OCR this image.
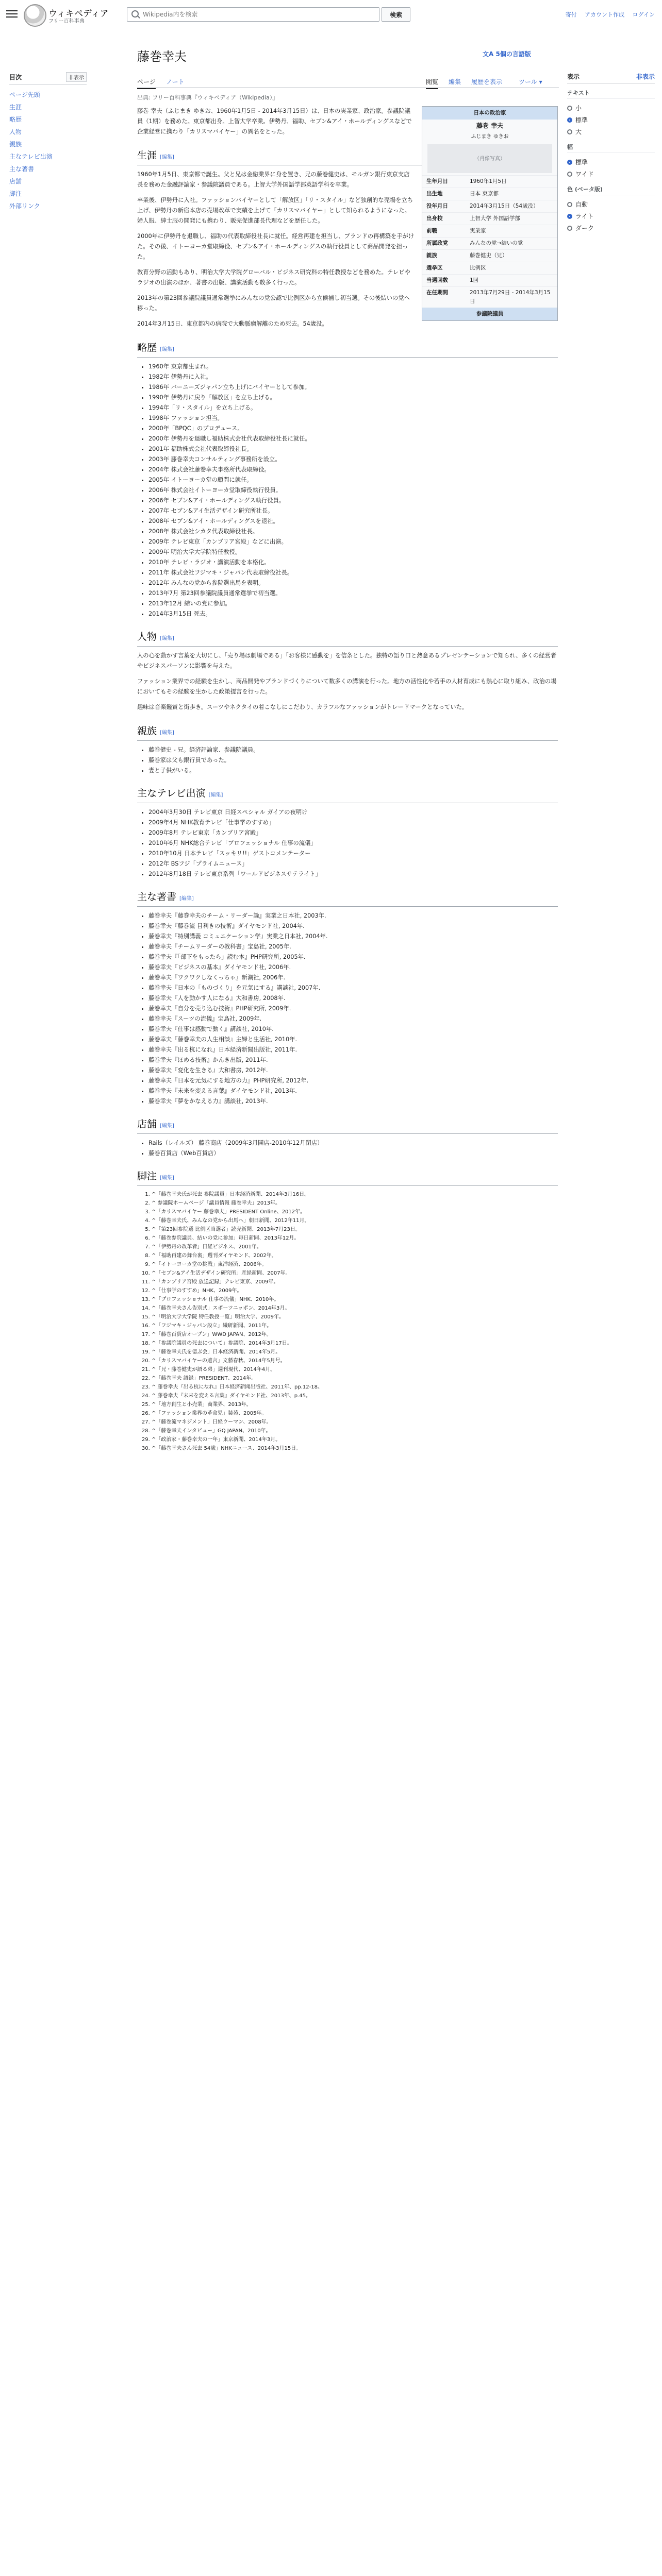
ウィキペディア
フリー百科事典
Wikipedia内を検索
検索	寄付 アカウント作成 ログイン
目次	非表示
ページ先頭
生涯
略歴
人物
親族
主なテレビ出演
主な著書
店舗
脚注
外部リンク
藤巻幸夫	文A 5個の言語版
ページ ノート	閲覧 編集 履歴を表示	ツール ▾
表示	非表示
テキスト
小
標準
大
幅
標準
ワイド
色 (ベータ版)
自動
ライト
ダーク
出典: フリー百科事典『ウィキペディア（Wikipedia）』
日本の政治家
藤巻 幸夫
ふじまき ゆきお
（肖像写真）
生年月日	1960年1月5日
出生地	日本 東京都
没年月日	2014年3月15日（54歳没）
出身校	上智大学 外国語学部
前職	実業家
所属政党	みんなの党→結いの党
親族	藤巻健史（兄）
選挙区	比例区
当選回数	1回
在任期間	2013年7月29日 - 2014年3月15日
参議院議員

藤巻 幸夫（ふじまき ゆきお、1960年1月5日 - 2014年3月15日）は、日本の実業家、政治家。参議院議員（1期）を務めた。東京都出身。上智大学卒業。伊勢丹、福助、セブン&アイ・ホールディングスなどで企業経営に携わり「カリスマバイヤー」の異名をとった。

生涯 [編集]

1960年1月5日、東京都で誕生。父と兄は金融業界に身を置き、兄の藤巻健史は、モルガン銀行東京支店長を務めた金融評論家・参議院議員である。上智大学外国語学部英語学科を卒業。

卒業後、伊勢丹に入社。ファッションバイヤーとして「解放区」「リ・スタイル」など独創的な売場を立ち上げ、伊勢丹の新宿本店の売場改革で実績を上げて「カリスマバイヤー」として知られるようになった。婦人服、紳士服の開発にも携わり、販売促進部長代理などを歴任した。

2000年に伊勢丹を退職し、福助の代表取締役社長に就任。経営再建を担当し、ブランドの再構築を手がけた。その後、イトーヨーカ堂取締役、セブン&アイ・ホールディングスの執行役員として商品開発を担った。

教育分野の活動もあり、明治大学大学院グローバル・ビジネス研究科の特任教授などを務めた。テレビやラジオの出演のほか、著書の出版、講演活動も数多く行った。

2013年の第23回参議院議員通常選挙にみんなの党公認で比例区から立候補し初当選。その後結いの党へ移った。

2014年3月15日、東京都内の病院で大動脈瘤解離のため死去。54歳没。

略歴 [編集]
• 1960年 東京都生まれ。
• 1982年 伊勢丹に入社。
• 1986年 バーニーズジャパン立ち上げにバイヤーとして参加。
• 1990年 伊勢丹に戻り「解放区」を立ち上げる。
• 1994年「リ・スタイル」を立ち上げる。
• 1998年 ファッション担当。
• 2000年「BPQC」のプロデュース。
• 2000年 伊勢丹を退職し福助株式会社代表取締役社長に就任。
• 2001年 福助株式会社代表取締役社長。
• 2003年 藤巻幸夫コンサルティング事務所を設立。
• 2004年 株式会社藤巻幸夫事務所代表取締役。
• 2005年 イトーヨーカ堂の顧問に就任。
• 2006年 株式会社イトーヨーカ堂取締役執行役員。
• 2006年 セブン&アイ・ホールディングス執行役員。
• 2007年 セブン&アイ生活デザイン研究所社長。
• 2008年 セブン&アイ・ホールディングスを退社。
• 2008年 株式会社シカタ代表取締役社長。
• 2009年 テレビ東京「カンブリア宮殿」などに出演。
• 2009年 明治大学大学院特任教授。
• 2010年 テレビ・ラジオ・講演活動を本格化。
• 2011年 株式会社フジマキ・ジャパン代表取締役社長。
• 2012年 みんなの党から参院選出馬を表明。
• 2013年7月 第23回参議院議員通常選挙で初当選。
• 2013年12月 結いの党に参加。
• 2014年3月15日 死去。
人物 [編集]

人の心を動かす言葉を大切にし、「売り場は劇場である」「お客様に感動を」を信条とした。独特の語り口と熱意あるプレゼンテーションで知られ、多くの経営者やビジネスパーソンに影響を与えた。

ファッション業界での経験を生かし、商品開発やブランドづくりについて数多くの講演を行った。地方の活性化や若手の人材育成にも熱心に取り組み、政治の場においてもその経験を生かした政策提言を行った。

趣味は音楽鑑賞と街歩き。スーツやネクタイの着こなしにこだわり、カラフルなファッションがトレードマークとなっていた。

親族 [編集]
• 藤巻健史 - 兄。経済評論家、参議院議員。
• 藤巻家は父も銀行員であった。
• 妻と子供がいる。
主なテレビ出演 [編集]
• 2004年3月30日 テレビ東京 日経スペシャル ガイアの夜明け
• 2009年4月 NHK教育テレビ「仕事学のすすめ」
• 2009年8月 テレビ東京「カンブリア宮殿」
• 2010年6月 NHK総合テレビ「プロフェッショナル 仕事の流儀」
• 2010年10月 日本テレビ「スッキリ!!」ゲストコメンテーター
• 2012年 BSフジ「プライムニュース」
• 2012年8月18日 テレビ東京系列「ワールドビジネスサテライト」
主な著書 [編集]
• 藤巻幸夫『藤巻幸夫のチーム・リーダー論』実業之日本社, 2003年.
• 藤巻幸夫『藤巻流 目利きの技術』ダイヤモンド社, 2004年.
• 藤巻幸夫『特別講義 コミュニケーション学』実業之日本社, 2004年.
• 藤巻幸夫『チームリーダーの教科書』宝島社, 2005年.
• 藤巻幸夫『「部下をもったら」読む本』PHP研究所, 2005年.
• 藤巻幸夫『ビジネスの基本』ダイヤモンド社, 2006年.
• 藤巻幸夫『ワクワクしなくっちゃ』新潮社, 2006年.
• 藤巻幸夫『日本の「ものづくり」を元気にする』講談社, 2007年.
• 藤巻幸夫『人を動かす人になる』大和書房, 2008年.
• 藤巻幸夫『自分を売り込む技術』PHP研究所, 2009年.
• 藤巻幸夫『スーツの流儀』宝島社, 2009年.
• 藤巻幸夫『仕事は感動で動く』講談社, 2010年.
• 藤巻幸夫『藤巻幸夫の人生相談』主婦と生活社, 2010年.
• 藤巻幸夫『出る杭になれ』日本経済新聞出版社, 2011年.
• 藤巻幸夫『ほめる技術』かんき出版, 2011年.
• 藤巻幸夫『変化を生きる』大和書房, 2012年.
• 藤巻幸夫『日本を元気にする地方の力』PHP研究所, 2012年.
• 藤巻幸夫『未来を変える言葉』ダイヤモンド社, 2013年.
• 藤巻幸夫『夢をかなえる力』講談社, 2013年.
店舗 [編集]
• Rails（レイルズ） 藤巻商店（2009年3月開店-2010年12月閉店）
• 藤巻百貨店（Web百貨店）
脚注 [編集]
1. ^「藤巻幸夫氏が死去 参院議員」日本経済新聞、2014年3月16日。
2. ^ 参議院ホームページ「議員情報 藤巻幸夫」2013年。
3. ^「カリスマバイヤー 藤巻幸夫」PRESIDENT Online、2012年。
4. ^「藤巻幸夫氏、みんなの党から出馬へ」朝日新聞、2012年11月。
5. ^「第23回参院選 比例区当選者」読売新聞、2013年7月23日。
6. ^「藤巻参院議員、結いの党に参加」毎日新聞、2013年12月。
7. ^「伊勢丹の改革者」日経ビジネス、2001年。
8. ^「福助再建の舞台裏」週刊ダイヤモンド、2002年。
9. ^「イトーヨーカ堂の挑戦」東洋経済、2006年。
10. ^「セブン&アイ生活デザイン研究所」産経新聞、2007年。
11. ^「カンブリア宮殿 放送記録」テレビ東京、2009年。
12. ^「仕事学のすすめ」NHK、2009年。
13. ^「プロフェッショナル 仕事の流儀」NHK、2010年。
14. ^「藤巻幸夫さん告別式」スポーツニッポン、2014年3月。
15. ^「明治大学大学院 特任教授一覧」明治大学、2009年。
16. ^「フジマキ・ジャパン設立」繊研新聞、2011年。
17. ^「藤巻百貨店オープン」WWD JAPAN、2012年。
18. ^「参議院議員の死去について」参議院、2014年3月17日。
19. ^「藤巻幸夫氏を偲ぶ会」日本経済新聞、2014年5月。
20. ^「カリスマバイヤーの遺言」文藝春秋、2014年5月号。
21. ^「兄・藤巻健史が語る弟」週刊現代、2014年4月。
22. ^「藤巻幸夫 語録」PRESIDENT、2014年。
23. ^ 藤巻幸夫『出る杭になれ』日本経済新聞出版社、2011年、pp.12-18。
24. ^ 藤巻幸夫『未来を変える言葉』ダイヤモンド社、2013年、p.45。
25. ^「地方創生と小売業」商業界、2013年。
26. ^「ファッション業界の革命児」装苑、2005年。
27. ^「藤巻流マネジメント」日経ウーマン、2008年。
28. ^「藤巻幸夫インタビュー」GQ JAPAN、2010年。
29. ^「政治家・藤巻幸夫の一年」東京新聞、2014年3月。
30. ^「藤巻幸夫さん死去 54歳」NHKニュース、2014年3月15日。
